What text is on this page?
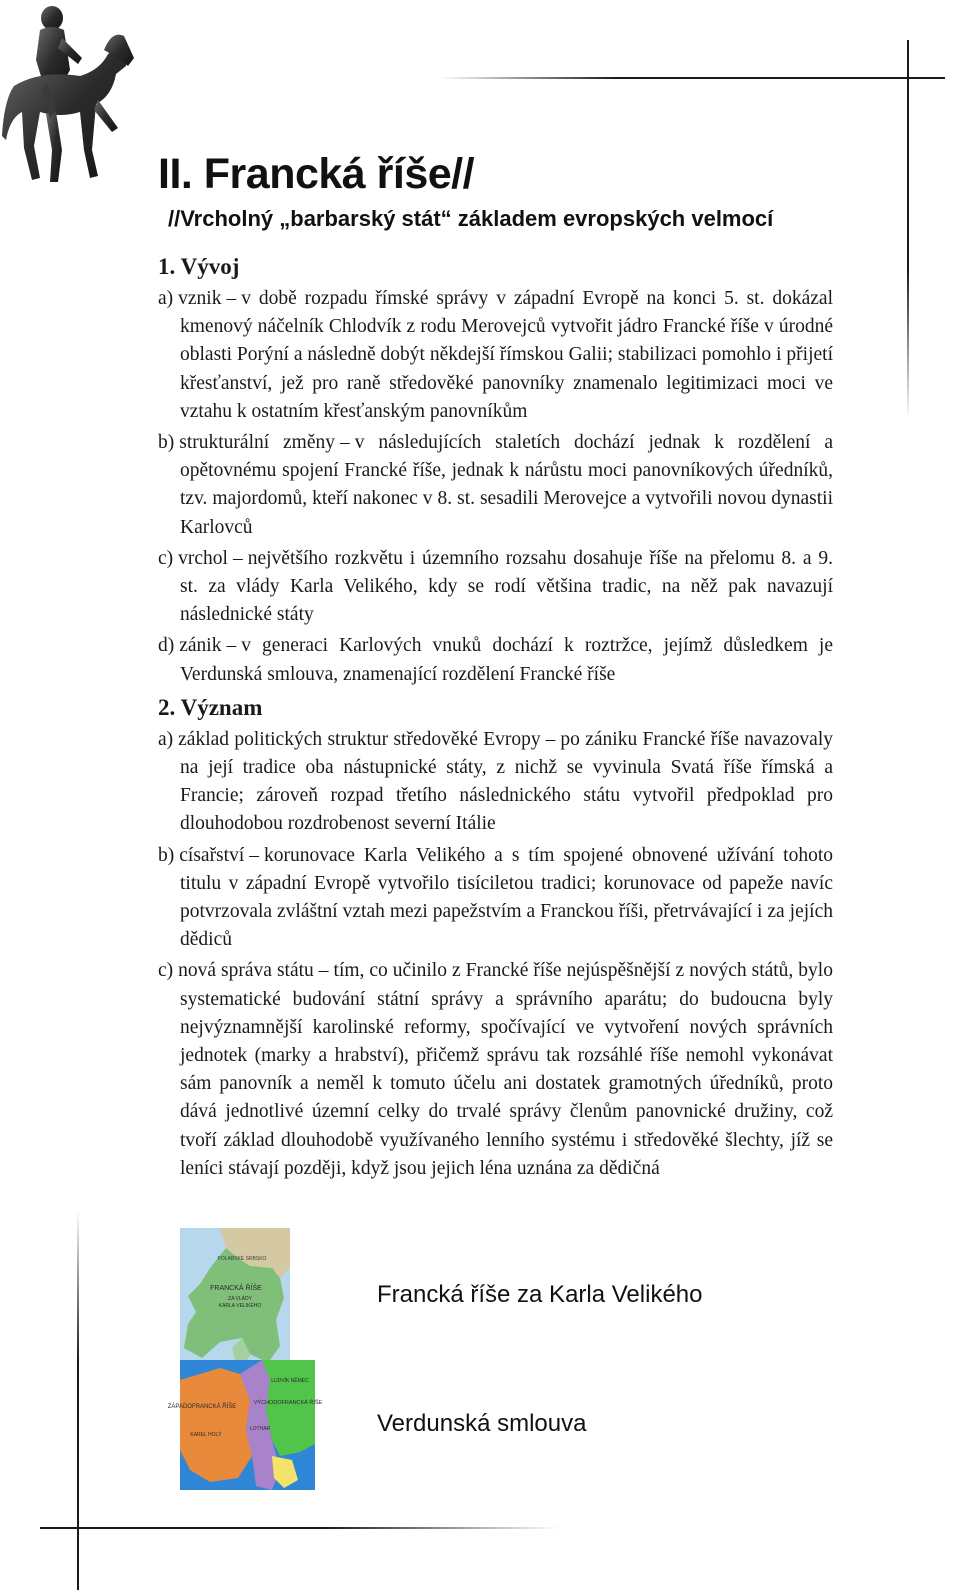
II. Francká říše//
//Vrcholný „barbarský stát“ základem evropských velmocí
1. Vývoj

a) vznik – v době rozpadu římské správy v západní Evropě na konci 5. st. dokázal kmenový náčelník Chlodvík z rodu Merovejců vytvořit jádro Francké říše v úrodné oblasti Porýní a následně dobýt někdejší římskou Galii; stabilizaci pomohlo i přijetí křesťanství, jež pro raně středověké panovníky znamenalo legitimizaci moci ve vztahu k ostatním křesťanským panovníkům

b) strukturální změny – v následujících staletích dochází jednak k rozdělení a opětovnému spojení Francké říše, jednak k nárůstu moci panovníkových úředníků, tzv. majordomů, kteří nakonec v 8. st. sesadili Merovejce a vytvořili novou dynastii Karlovců

c) vrchol – největšího rozkvětu i územního rozsahu dosahuje říše na přelomu 8. a 9. st. za vlády Karla Velikého, kdy se rodí většina tradic, na něž pak navazují následnické státy

d) zánik – v generaci Karlových vnuků dochází k roztržce, jejímž důsledkem je Verdunská smlouva, znamenající rozdělení Francké říše

2. Význam

a) základ politických struktur středověké Evropy – po zániku Francké říše navazovaly na její tradice oba nástupnické státy, z nichž se vyvinula Svatá říše římská a Francie; zároveň rozpad třetího následnického státu vytvořil předpoklad pro dlouhodobou rozdrobenost severní Itálie

b) císařství – korunovace Karla Velikého a s tím spojené obnovené užívání tohoto titulu v západní Evropě vytvořilo tisíciletou tradici; korunovace od papeže navíc potvrzovala zvláštní vztah mezi papežstvím a Franckou říši, přetrvávající i za jejích dědiců

c) nová správa státu – tím, co učinilo z Francké říše nejúspěšnější z nových států, bylo systematické budování státní správy a správního aparátu; do budoucna byly nejvýznamnější karolinské reformy, spočívající ve vytvoření nových správních jednotek (marky a hrabství), přičemž správu tak rozsáhlé říše nemohl vykonávat sám panovník a neměl k tomuto účelu ani dostatek gramotných úředníků, proto dává jednotlivé územní celky do trvalé správy členům panovnické družiny, což tvoří základ dlouhodobě využívaného lenního systému i středověké šlechty, jíž se leníci stávají později, když jsou jejich léna uznána za dědičná

POLABSKÉ SRBSKO
FRANCKÁ ŘÍŠE
ZA VLÁDY
KARLA VELIKÉHO	Francká říše za Karla Velikého
ZÁPADOFRANCKÁ ŘÍŠE
VÝCHODOFRANCKÁ ŘÍŠE
LOTHAR
KAREL HOLÝ
LUDVÍK NĚMEC
Verdunská smlouva
